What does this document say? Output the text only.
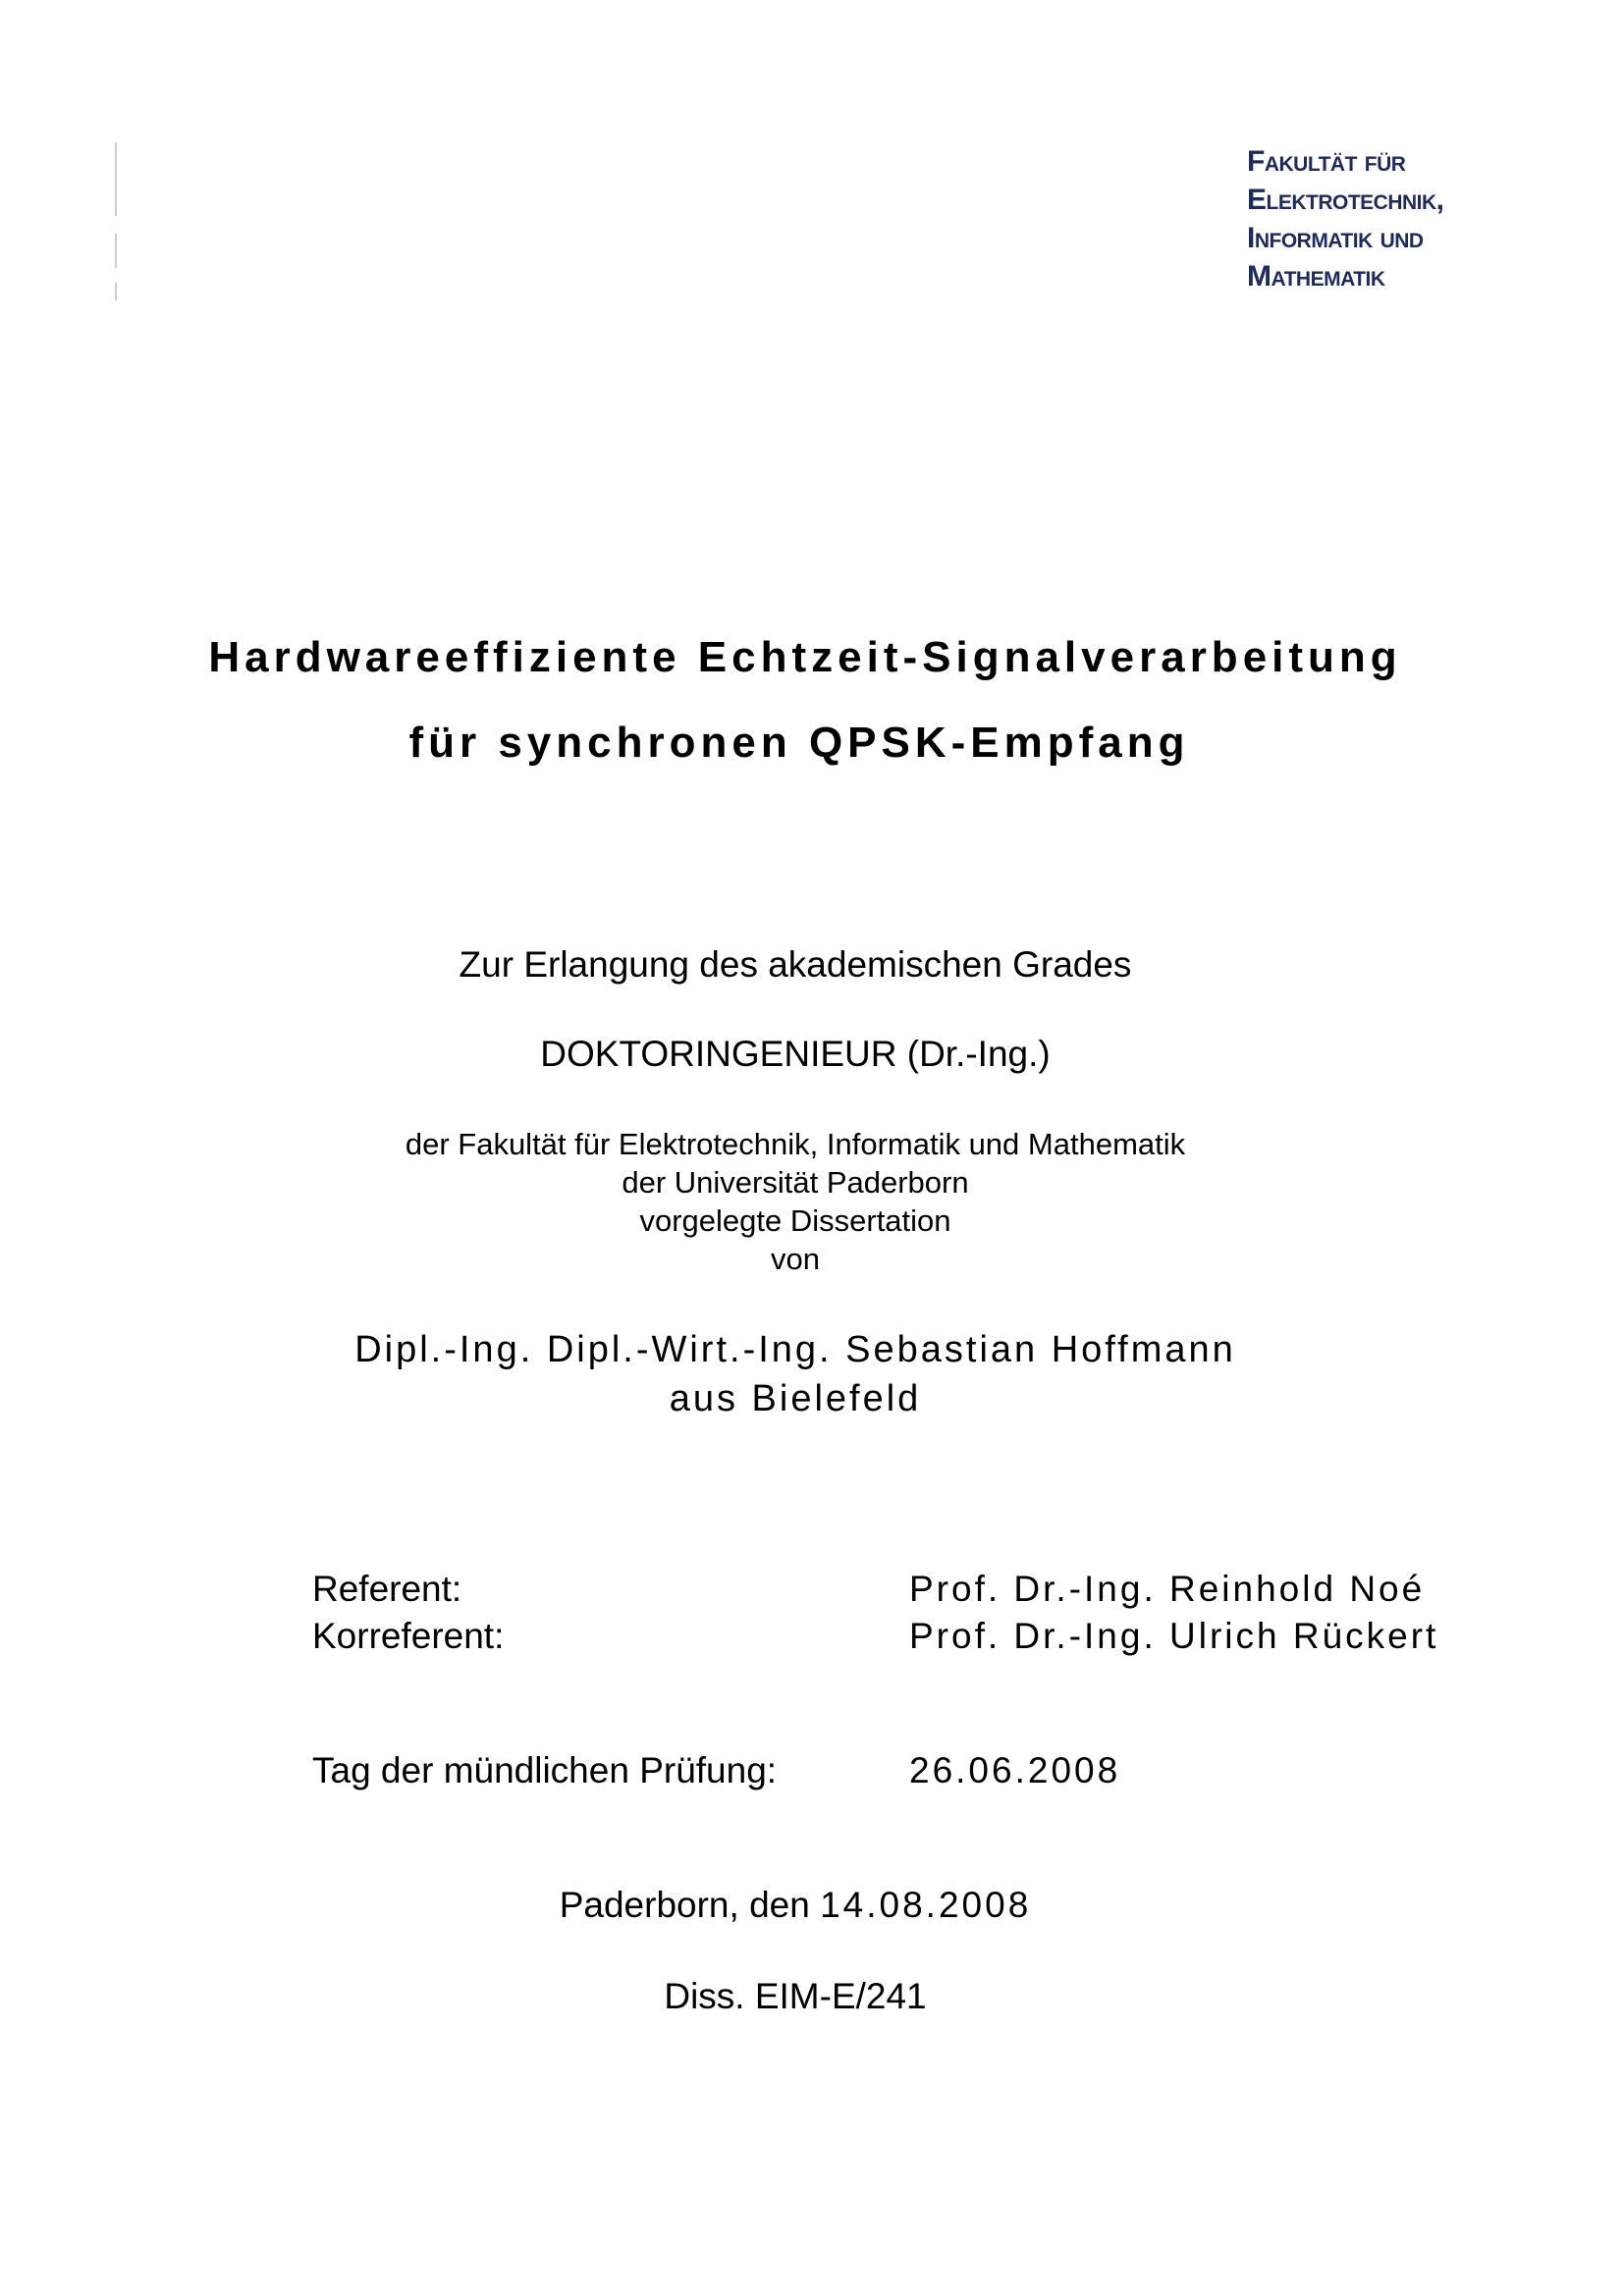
Fakultät für
Elektrotechnik,
Informatik und
Mathematik
Hardwareeffiziente Echtzeit-Signalverarbeitung
für synchronen QPSK-Empfang
Zur Erlangung des akademischen Grades
DOKTORINGENIEUR (Dr.-Ing.)
der Fakultät für Elektrotechnik, Informatik und Mathematik
der Universität Paderborn
vorgelegte Dissertation
von
Dipl.-Ing. Dipl.-Wirt.-Ing. Sebastian Hoffmann
aus Bielefeld
Referent:	Prof. Dr.-Ing. Reinhold Noé
Korreferent:	Prof. Dr.-Ing. Ulrich Rückert
Tag der mündlichen Prüfung:	26.06.2008
Paderborn, den 14.08.2008
Diss. EIM-E/241
